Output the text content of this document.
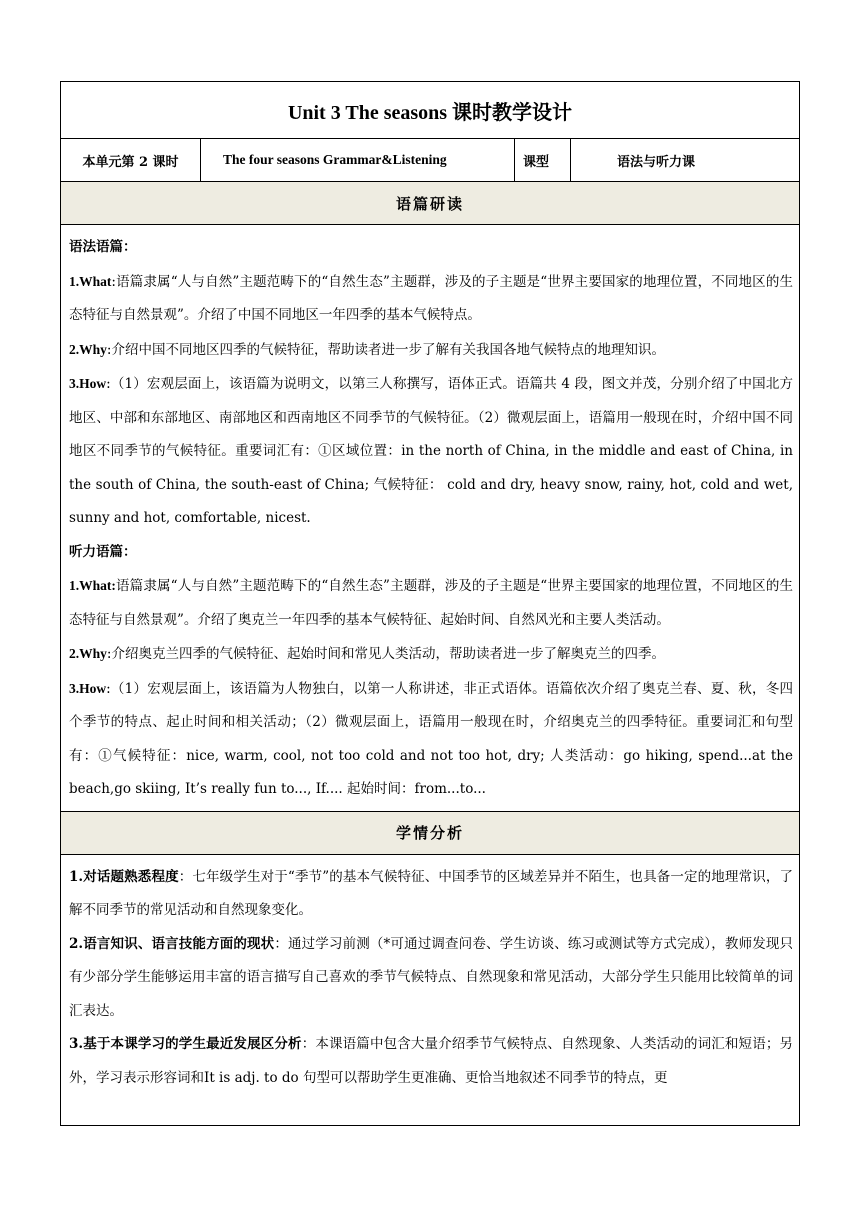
Unit 3 The seasons 课时教学设计
本单元第 2 课时	The four seasons Grammar&Listening	课型	语法与听力课
语篇研读

语法语篇：

1.What:语篇隶属“人与自然”主题范畴下的“自然生态”主题群，涉及的子主题是“世界主要国家的地理位置，不同地区的生态特征与自然景观”。介绍了中国不同地区一年四季的基本气候特点。

2.Why:介绍中国不同地区四季的气候特征，帮助读者进一步了解有关我国各地气候特点的地理知识。

3.How:（1）宏观层面上，该语篇为说明文，以第三人称撰写，语体正式。语篇共 4 段，图文并茂，分别介绍了中国北方地区、中部和东部地区、南部地区和西南地区不同季节的气候特征。（2）微观层面上，语篇用一般现在时，介绍中国不同地区不同季节的气候特征。重要词汇有：①区域位置：in the north of China, in the middle and east of China, in the south of China, the south-east of China; 气候特征： cold and dry, heavy snow, rainy, hot, cold and wet, sunny and hot, comfortable, nicest.

听力语篇：

1.What:语篇隶属“人与自然”主题范畴下的“自然生态”主题群，涉及的子主题是“世界主要国家的地理位置，不同地区的生态特征与自然景观”。介绍了奥克兰一年四季的基本气候特征、起始时间、自然风光和主要人类活动。

2.Why:介绍奥克兰四季的气候特征、起始时间和常见人类活动，帮助读者进一步了解奥克兰的四季。

3.How:（1）宏观层面上，该语篇为人物独白，以第一人称讲述，非正式语体。语篇依次介绍了奥克兰春、夏、秋，冬四个季节的特点、起止时间和相关活动；（2）微观层面上，语篇用一般现在时，介绍奥克兰的四季特征。重要词汇和句型有：①气候特征：nice, warm, cool, not too cold and not too hot, dry; 人类活动：go hiking, spend...at the beach,go skiing, It’s really fun to..., If.... 起始时间：from...to...

学情分析

1.对话题熟悉程度：七年级学生对于“季节”的基本气候特征、中国季节的区域差异并不陌生，也具备一定的地理常识，了解不同季节的常见活动和自然现象变化。

2.语言知识、语言技能方面的现状：通过学习前测（*可通过调查问卷、学生访谈、练习或测试等方式完成），教师发现只有少部分学生能够运用丰富的语言描写自己喜欢的季节气候特点、自然现象和常见活动，大部分学生只能用比较简单的词汇表达。

3.基于本课学习的学生最近发展区分析：本课语篇中包含大量介绍季节气候特点、自然现象、人类活动的词汇和短语；另外，学习表示形容词和It is adj. to do 句型可以帮助学生更准确、更恰当地叙述不同季节的特点，更
